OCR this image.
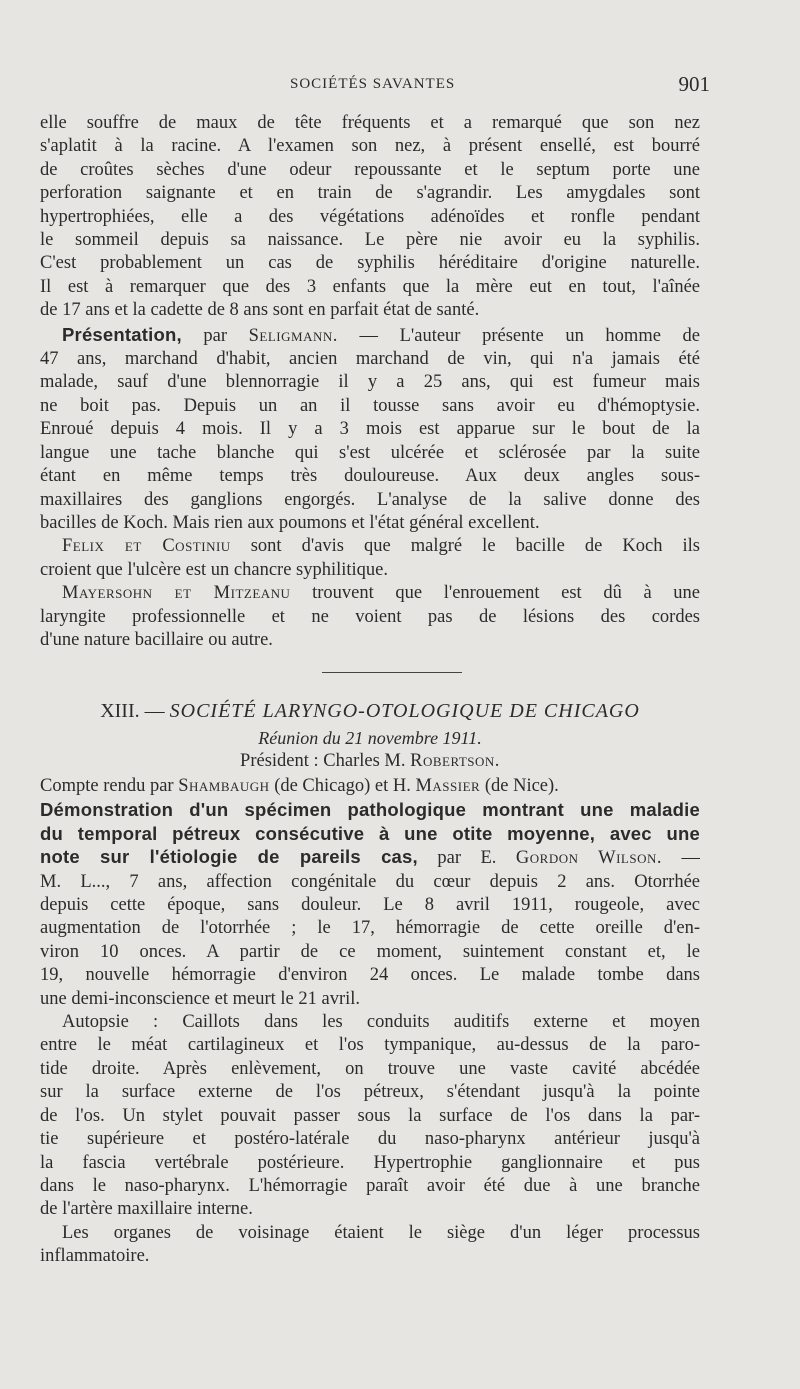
SOCIÉTÉS SAVANTES	901

elle souffre de maux de tête fréquents et a remarqué que son nez
s'aplatit à la racine. A l'examen son nez, à présent ensellé, est bourré
de croûtes sèches d'une odeur repoussante et le septum porte une
perforation saignante et en train de s'agrandir. Les amygdales sont
hypertrophiées, elle a des végétations adénoïdes et ronfle pendant
le sommeil depuis sa naissance. Le père nie avoir eu la syphilis.
C'est probablement un cas de syphilis héréditaire d'origine naturelle.
Il est à remarquer que des 3 enfants que la mère eut en tout, l'aînée
de 17 ans et la cadette de 8 ans sont en parfait état de santé.

Présentation, par Seligmann. — L'auteur présente un homme de
47 ans, marchand d'habit, ancien marchand de vin, qui n'a jamais été
malade, sauf d'une blennorragie il y a 25 ans, qui est fumeur mais
ne boit pas. Depuis un an il tousse sans avoir eu d'hémoptysie.
Enroué depuis 4 mois. Il y a 3 mois est apparue sur le bout de la
langue une tache blanche qui s'est ulcérée et sclérosée par la suite
étant en même temps très douloureuse. Aux deux angles sous-
maxillaires des ganglions engorgés. L'analyse de la salive donne des
bacilles de Koch. Mais rien aux poumons et l'état général excellent.

Felix et Costiniu sont d'avis que malgré le bacille de Koch ils
croient que l'ulcère est un chancre syphilitique.

Mayersohn et Mitzeanu trouvent que l'enrouement est dû à une
laryngite professionnelle et ne voient pas de lésions des cordes
d'une nature bacillaire ou autre.

XIII. — SOCIÉTÉ LARYNGO-OTOLOGIQUE DE CHICAGO
Réunion du 21 novembre 1911.
Président : Charles M. Robertson.

Compte rendu par Shambaugh (de Chicago) et H. Massier (de Nice).

Démonstration d'un spécimen pathologique montrant une maladie
du temporal pétreux consécutive à une otite moyenne, avec une
note sur l'étiologie de pareils cas, par E. Gordon Wilson. —
M. L..., 7 ans, affection congénitale du cœur depuis 2 ans. Otorrhée
depuis cette époque, sans douleur. Le 8 avril 1911, rougeole, avec
augmentation de l'otorrhée ; le 17, hémorragie de cette oreille d'en-
viron 10 onces. A partir de ce moment, suintement constant et, le
19, nouvelle hémorragie d'environ 24 onces. Le malade tombe dans
une demi-inconscience et meurt le 21 avril.

Autopsie : Caillots dans les conduits auditifs externe et moyen
entre le méat cartilagineux et l'os tympanique, au-dessus de la paro-
tide droite. Après enlèvement, on trouve une vaste cavité abcédée
sur la surface externe de l'os pétreux, s'étendant jusqu'à la pointe
de l'os. Un stylet pouvait passer sous la surface de l'os dans la par-
tie supérieure et postéro-latérale du naso-pharynx antérieur jusqu'à
la fascia vertébrale postérieure. Hypertrophie ganglionnaire et pus
dans le naso-pharynx. L'hémorragie paraît avoir été due à une branche
de l'artère maxillaire interne.

Les organes de voisinage étaient le siège d'un léger processus
inflammatoire.
